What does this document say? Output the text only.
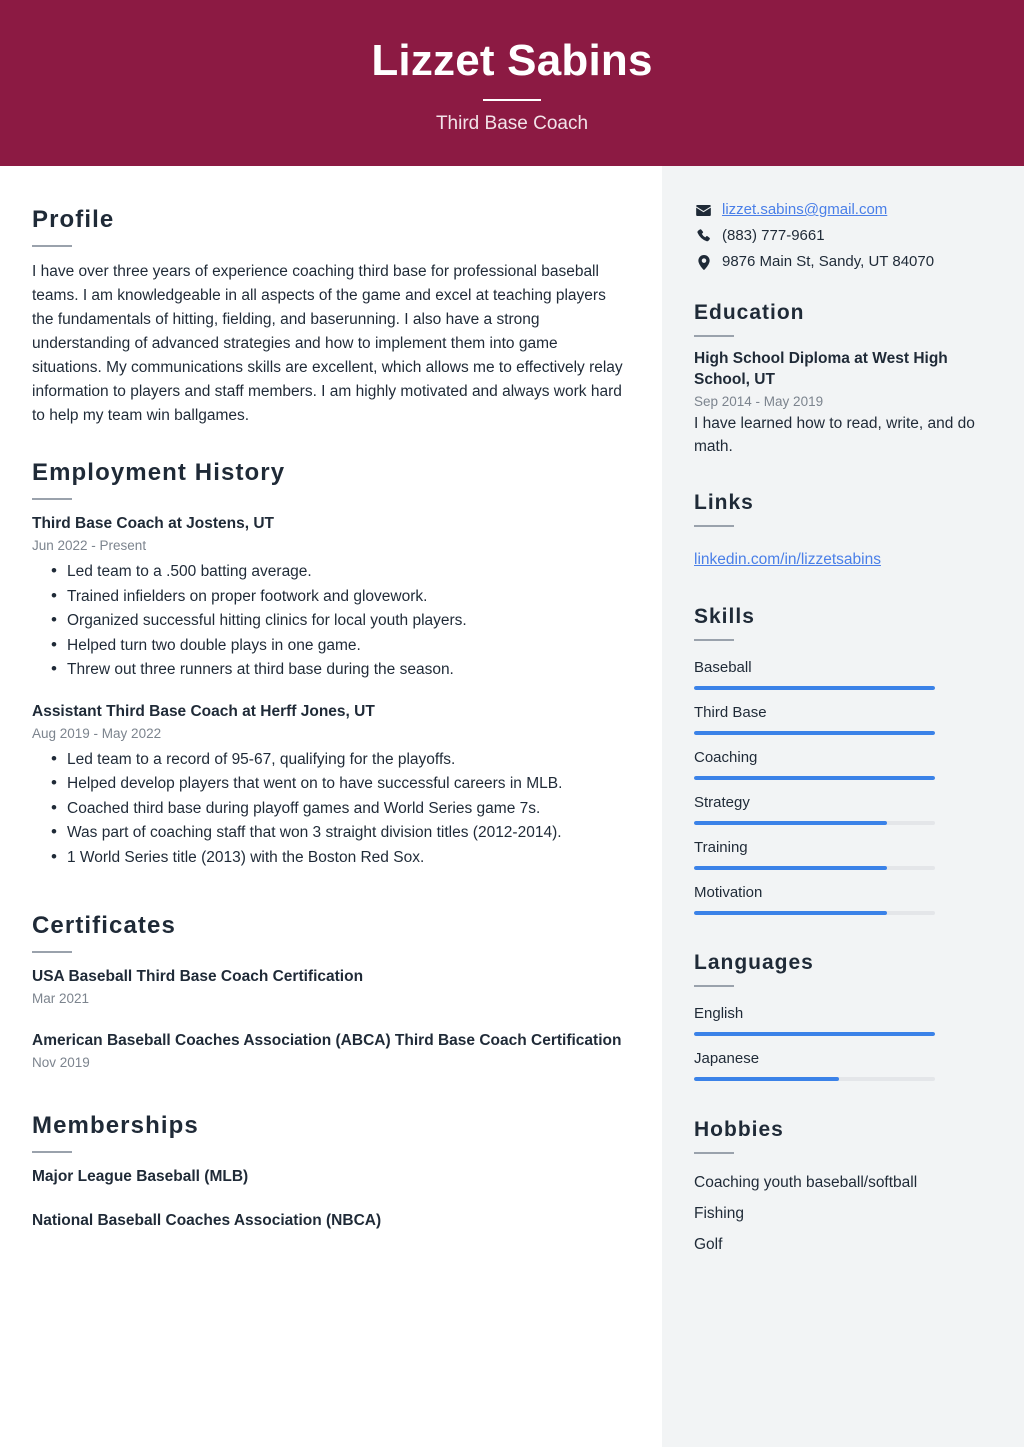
Lizzet Sabins
Third Base Coach
Profile
I have over three years of experience coaching third base for professional baseball teams. I am knowledgeable in all aspects of the game and excel at teaching players the fundamentals of hitting, fielding, and baserunning. I also have a strong understanding of advanced strategies and how to implement them into game situations. My communications skills are excellent, which allows me to effectively relay information to players and staff members. I am highly motivated and always work hard to help my team win ballgames.
Employment History
Third Base Coach at Jostens, UT
Jun 2022 - Present
• Led team to a .500 batting average.
• Trained infielders on proper footwork and glovework.
• Organized successful hitting clinics for local youth players.
• Helped turn two double plays in one game.
• Threw out three runners at third base during the season.
Assistant Third Base Coach at Herff Jones, UT
Aug 2019 - May 2022
• Led team to a record of 95-67, qualifying for the playoffs.
• Helped develop players that went on to have successful careers in MLB.
• Coached third base during playoff games and World Series game 7s.
• Was part of coaching staff that won 3 straight division titles (2012-2014).
• 1 World Series title (2013) with the Boston Red Sox.
Certificates
USA Baseball Third Base Coach Certification
Mar 2021
American Baseball Coaches Association (ABCA) Third Base Coach Certification
Nov 2019
Memberships
Major League Baseball (MLB)
National Baseball Coaches Association (NBCA)
lizzet.sabins@gmail.com
(883) 777-9661
9876 Main St, Sandy, UT 84070
Education
High School Diploma at West High School, UT
Sep 2014 - May 2019
I have learned how to read, write, and do math.
Links
linkedin.com/in/lizzetsabins
Skills
Baseball
Third Base
Coaching
Strategy
Training
Motivation
Languages
English
Japanese
Hobbies
Coaching youth baseball/softball
Fishing
Golf
